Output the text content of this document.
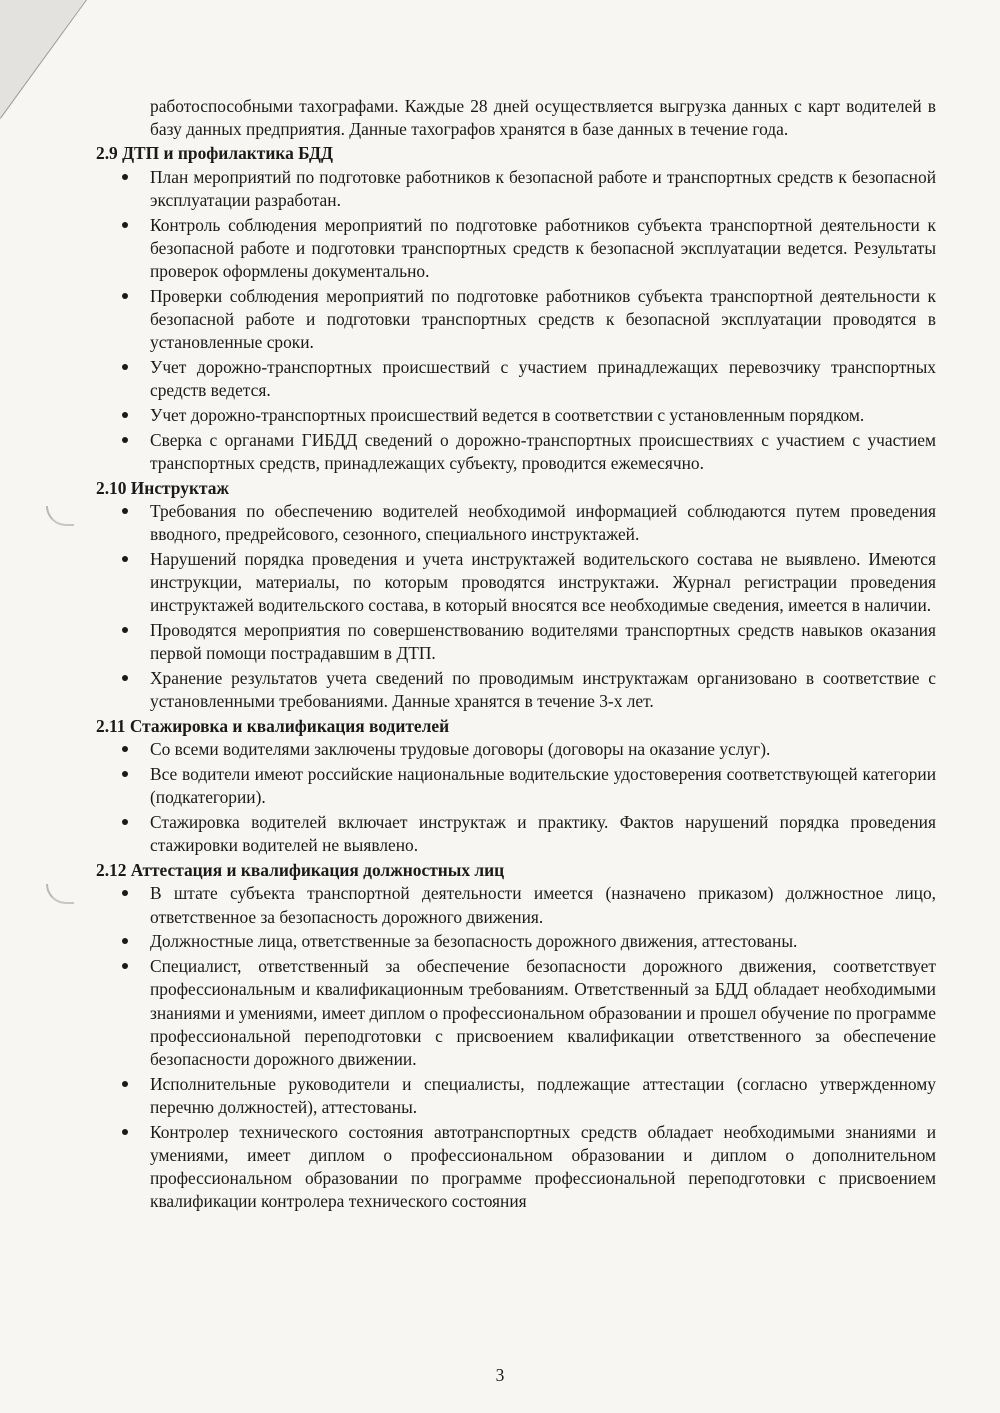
работоспособными тахографами. Каждые 28 дней осуществляется выгрузка данных с карт водителей в базу данных предприятия. Данные тахографов хранятся в базе данных в течение года.

2.9 ДТП и профилактика БДД
План мероприятий по подготовке работников к безопасной работе и транспортных средств к безопасной эксплуатации разработан.
Контроль соблюдения мероприятий по подготовке работников субъекта транспортной деятельности к безопасной работе и подготовки транспортных средств к безопасной эксплуатации ведется. Результаты проверок оформлены документально.
Проверки соблюдения мероприятий по подготовке работников субъекта транспортной деятельности к безопасной работе и подготовки транспортных средств к безопасной эксплуатации проводятся в установленные сроки.
Учет дорожно-транспортных происшествий с участием принадлежащих перевозчику транспортных средств ведется.
Учет дорожно-транспортных происшествий ведется в соответствии с установленным порядком.
Сверка с органами ГИБДД сведений о дорожно-транспортных происшествиях с участием с участием транспортных средств, принадлежащих субъекту, проводится ежемесячно.
2.10 Инструктаж
Требования по обеспечению водителей необходимой информацией соблюдаются путем проведения вводного, предрейсового, сезонного, специального инструктажей.
Нарушений порядка проведения и учета инструктажей водительского состава не выявлено. Имеются инструкции, материалы, по которым проводятся инструктажи. Журнал регистрации проведения инструктажей водительского состава, в который вносятся все необходимые сведения, имеется в наличии.
Проводятся мероприятия по совершенствованию водителями транспортных средств навыков оказания первой помощи пострадавшим в ДТП.
Хранение результатов учета сведений по проводимым инструктажам организовано в соответствие с установленными требованиями. Данные хранятся в течение 3-х лет.
2.11 Стажировка и квалификация водителей
Со всеми водителями заключены трудовые договоры (договоры на оказание услуг).
Все водители имеют российские национальные водительские удостоверения соответствующей категории (подкатегории).
Стажировка водителей включает инструктаж и практику. Фактов нарушений порядка проведения стажировки водителей не выявлено.
2.12 Аттестация и квалификация должностных лиц
В штате субъекта транспортной деятельности имеется (назначено приказом) должностное лицо, ответственное за безопасность дорожного движения.
Должностные лица, ответственные за безопасность дорожного движения, аттестованы.
Специалист, ответственный за обеспечение безопасности дорожного движения, соответствует профессиональным и квалификационным требованиям. Ответственный за БДД обладает необходимыми знаниями и умениями, имеет диплом о профессиональном образовании и прошел обучение по программе профессиональной переподготовки с присвоением квалификации ответственного за обеспечение безопасности дорожного движении.
Исполнительные руководители и специалисты, подлежащие аттестации (согласно утвержденному перечню должностей), аттестованы.
Контролер технического состояния автотранспортных средств обладает необходимыми знаниями и умениями, имеет диплом о профессиональном образовании и диплом о дополнительном профессиональном образовании по программе профессиональной переподготовки с присвоением квалификации контролера технического состояния
3
